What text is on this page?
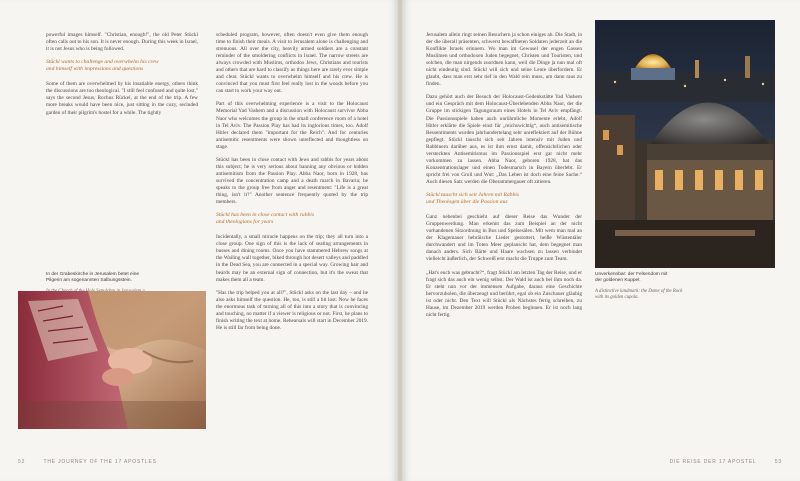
powerful images himself. "Christian, enough!", the old Peter Stückl often calls out to his son. It is never enough. During this week in Israel, it is not Jesus who is being followed.

Stückl wants to challenge and overwhelm his crew
and himself with impressions and questions

Some of them are overwhelmed by his insatiable energy, others think the discussions are too theological. "I still feel confused and quite lost," says the second Jesus, Rochus Rückel, at the end of the trip. A few more breaks would have been nice, just sitting in the cozy, secluded garden of their pilgrim's hostel for a while. The tightly

In der Grabeskirche in Jerusalem betet eine
Pilgerin am sogenannten Salbungsstein.

scheduled program, however, often doesn't even give them enough time to finish their meals. A visit to Jerusalem alone is challenging and strenuous. All over the city, heavily armed soldiers are a constant reminder of the smoldering conflicts in Israel. The narrow streets are always crowded with Muslims, orthodox Jews, Christians and tourists and others that are hard to classify as things here are rarely ever simple and clear. Stückl wants to overwhelm himself and his crew. He is convinced that you must first feel really lost in the woods before you can start to work your way out.

Part of this overwhelming experience is a visit to the Holocaust Memorial Yad Vashem and a discussion with Holocaust survivor Abba Naor who welcomes the group in the small conference room of a hotel in Tel Aviv. The Passion Play has had its inglorious times, too. Adolf Hitler declared them "important for the Reich". And for centuries antisemitic resentments were shown unreflected and thoughtless on stage.

Stückl has been in close contact with Jews and rabbis for years about this subject; he is very serious about banning any obvious or hidden antisemitism from the Passion Play. Abba Naor, born in 1928, has survived the concentration camp and a death march in Bavaria; he speaks to the group free from anger and resentment: "Life is a great thing, isn't it?" Another sentence frequently quoted by the trip members.

Stückl has been in close contact with rabbis
and theologians for years

Incidentally, a small miracle happens on the trip; they all turn into a close group. One sign of this is the lack of seating arrangements in busses and dining rooms. Once you have stammered Hebrew songs at the Wailing wall together, hiked through hot desert valleys and paddled in the Dead Sea, you are connected in a special way. Growing hair and beards may be an external sign of connection, but it's the sweat that makes them all a team.

"Has the trip helped you at all?", Stückl asks on the last day – and he also asks himself the question. He, too, is still a bit lost. Now he faces the enormous task of turning all of this into a story that is convincing and touching, no matter if a viewer is religious or not. First, he plans to finish writing the text at home. Rehearsals will start in December 2019. He is still far from being done.

52	THE JOURNEY OF THE 17 APOSTLES

Jerusalem allein ringt seinen Besuchern ja schon einiges ab. Die Stadt, in der die überall präsenten, schwerst bewaffneten Soldaten jederzeit an die Konflikte Israels erinnern. Wo man im Gewusel der engen Gassen Muslimen und orthodoxen Juden begegnet, Christen und Touristen, und solchen, die man nirgends zuordnen kann, weil die Dinge ja nun mal oft nicht eindeutig sind. Stückl will sich und seine Leute überfordern. Er glaubt, dass man erst sehr tief in den Wald rein muss, um dann raus zu finden.

Dazu gehört auch der Besuch der Holocaust-Gedenkstätte Yad Vashem und ein Gespräch mit dem Holocaust-Überlebenden Abba Naor, der die Gruppe im stickigen Tagungsraum eines Hotels in Tel Aviv empfängt. Die Passionsspiele haben auch unrühmliche Momente erlebt, Adolf Hitler erklärte die Spiele einst für „reichswichtig“, auch antisemitische Ressentiments wurden jahrhundertelang sehr unreflektiert auf der Bühne gepflegt. Stückl tauscht sich seit Jahren intensiv mit Juden und Rabbinern darüber aus, es ist ihm ernst damit, offensichtlichen oder versteckten Antisemitismus im Passionsspiel erst gar nicht mehr vorkommen zu lassen. Abba Naor, geboren 1928, hat das Konzentrationslager und einen Todesmarsch in Bayern überlebt. Er spricht frei von Groll und Wut: „Das Leben ist doch eine feine Sache.“ Auch diesen Satz werden die Oberammergauer oft zitieren.

Stückl tauscht sich seit Jahren mit Rabbis
und Theologen über die Passion aus

Ganz nebenbei geschieht auf dieser Reise das Wunder der Gruppenwerdung. Man erkennt das zum Beispiel an der nicht vorhandenen Sitzordnung in Bus und Speisesälen. Mit wem man mal an der Klagemauer hebräische Lieder gestottert, heiße Wüstentäler durchwandert und im Toten Meer geplanscht hat, dem begegnet man danach anders. Sich Bärte und Haare wachsen zu lassen verbindet vielleicht äußerlich, der Schweiß erst macht die Truppe zum Team.

„Hat's euch was gebracht?“, fragt Stückl am letzten Tag der Reise, und er fragt sich das auch ein wenig selbst. Der Wald ist auch bei ihm noch da. Er steht nun vor der immensen Aufgabe, daraus eine Geschichte hervorzuholen, die überzeugt und berührt, egal ob ein Zuschauer gläubig ist oder nicht. Den Text will Stückl als Nächstes fertig schreiben, zu Hause, im Dezember 2019 werden Proben beginnen. Er ist noch lang nicht fertig.

Unverkennbar: der Felsendom mit
der goldenen Kuppel.
A distinctive landmark: the Dome of the Rock
with its golden cupola.
DIE REISE DER 17 APOSTEL	53
